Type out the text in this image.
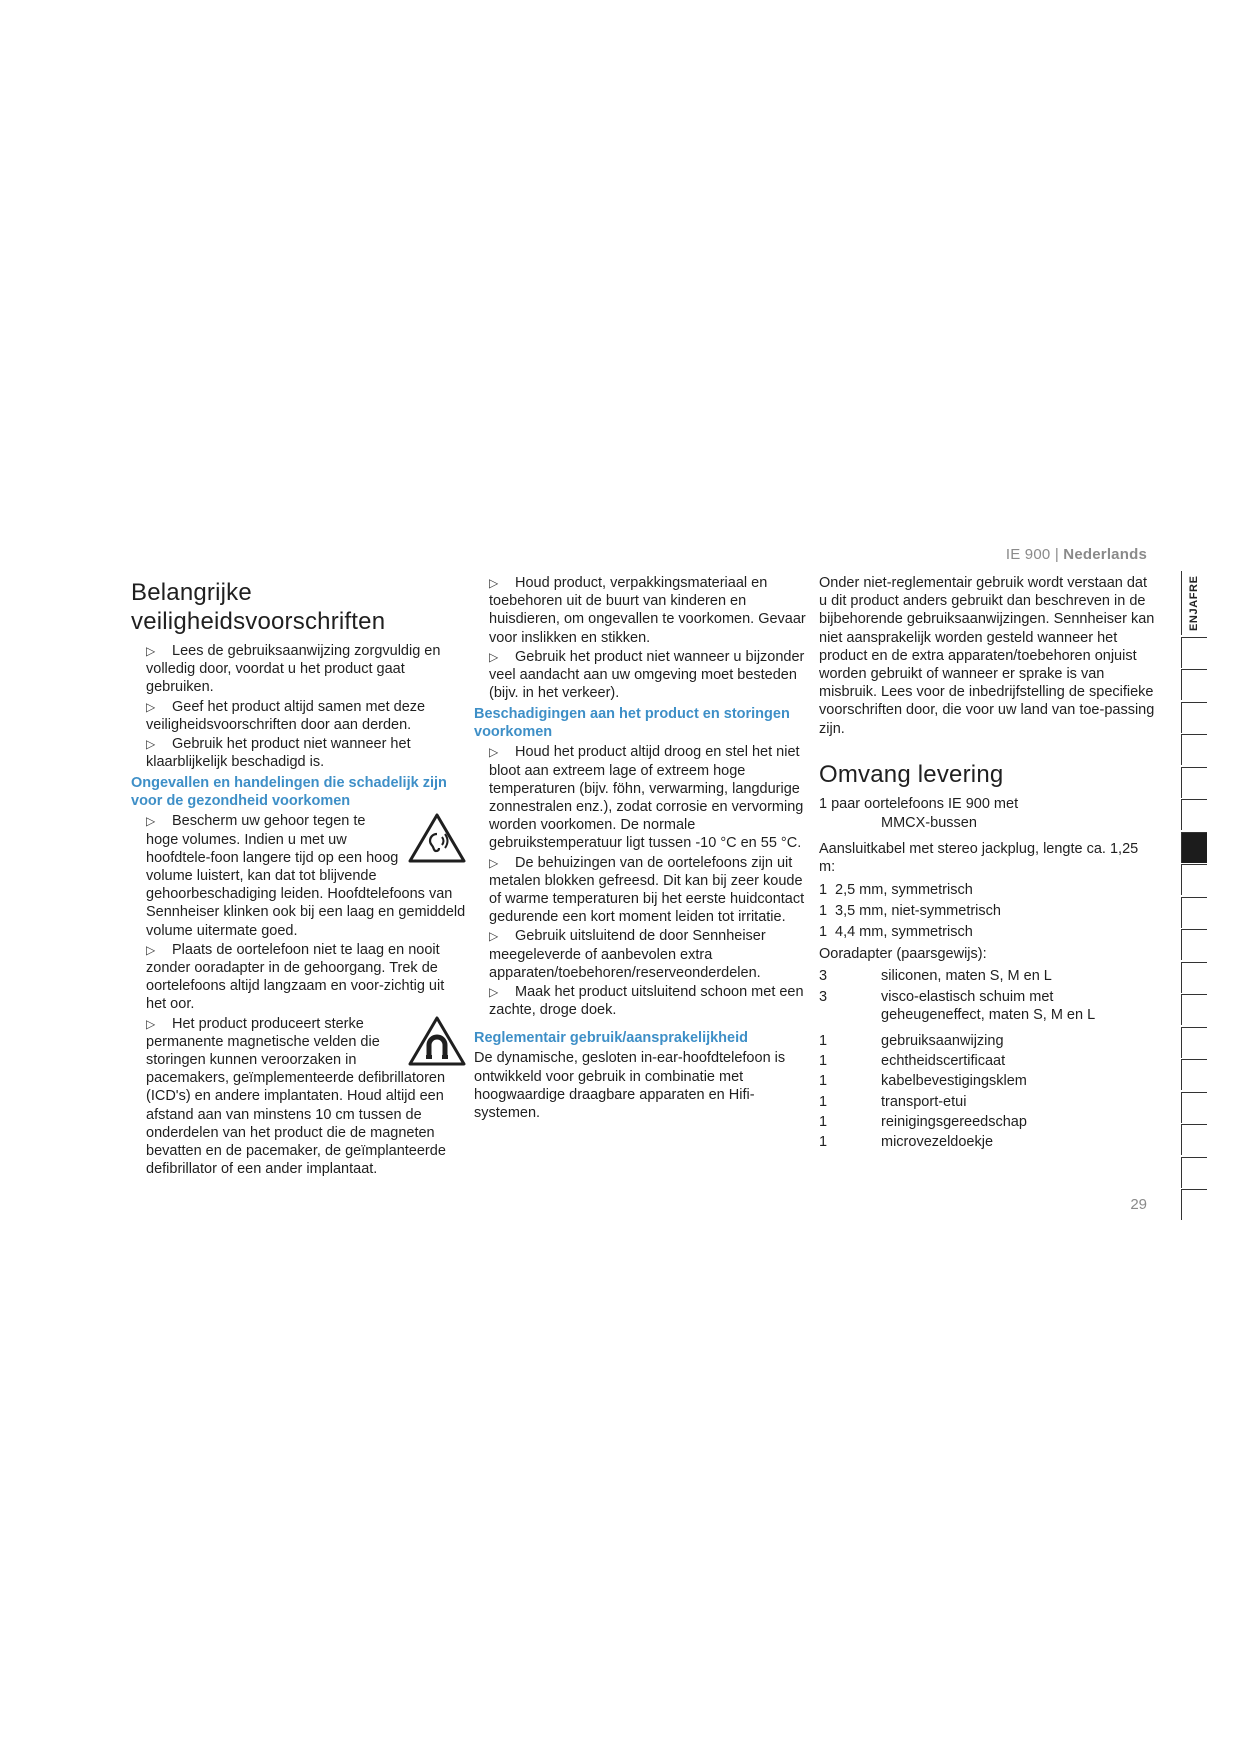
IE 900 | Nederlands
Belangrijke
veiligheidsvoorschriften

▷ Lees de gebruiksaanwijzing zorgvuldig en volledig door, voordat u het product gaat gebruiken.

▷ Geef het product altijd samen met deze veiligheidsvoorschriften door aan derden.

▷ Gebruik het product niet wanneer het klaarblijkelijk beschadigd is.

Ongevallen en handelingen die schadelijk zijn voor de gezondheid voorkomen

▷ Bescherm uw gehoor tegen te hoge volumes. Indien u met uw hoofdtele-foon langere tijd op een hoog volume luistert, kan dat tot blijvende gehoorbeschadiging leiden. Hoofdtelefoons van Sennheiser klinken ook bij een laag en gemiddeld volume uitermate goed.

▷ Plaats de oortelefoon niet te laag en nooit zonder ooradapter in de gehoorgang. Trek de oortelefoons altijd langzaam en voor-zichtig uit het oor.

▷ Het product produceert sterke permanente magnetische velden die storingen kunnen veroorzaken in pacemakers, geïmplementeerde defibrillatoren (ICD's) en andere implantaten. Houd altijd een afstand aan van minstens 10 cm tussen de onderdelen van het product die de magneten bevatten en de pacemaker, de geïmplanteerde defibrillator of een ander implantaat.

▷ Houd product, verpakkingsmateriaal en toebehoren uit de buurt van kinderen en huisdieren, om ongevallen te voorkomen. Gevaar voor inslikken en stikken.

▷ Gebruik het product niet wanneer u bijzonder veel aandacht aan uw omgeving moet besteden (bijv. in het verkeer).

Beschadigingen aan het product en storingen voorkomen

▷ Houd het product altijd droog en stel het niet bloot aan extreem lage of extreem hoge temperaturen (bijv. föhn, verwarming, langdurige zonnestralen enz.), zodat corrosie en vervorming worden voorkomen. De normale gebruikstemperatuur ligt tussen -10 °C en 55 °C.

▷ De behuizingen van de oortelefoons zijn uit metalen blokken gefreesd. Dit kan bij zeer koude of warme temperaturen bij het eerste huidcontact gedurende een kort moment leiden tot irritatie.

▷ Gebruik uitsluitend de door Sennheiser meegeleverde of aanbevolen extra apparaten/toebehoren/reserveonderdelen.

▷ Maak het product uitsluitend schoon met een zachte, droge doek.

Reglementair gebruik/aansprakelijkheid

De dynamische, gesloten in-ear-hoofdtelefoon is ontwikkeld voor gebruik in combinatie met hoogwaardige draagbare apparaten en Hifi-systemen.

Onder niet-reglementair gebruik wordt verstaan dat u dit product anders gebruikt dan beschreven in de bijbehorende gebruiksaanwijzingen. Sennheiser kan niet aansprakelijk worden gesteld wanneer het product en de extra apparaten/toebehoren onjuist worden gebruikt of wanneer er sprake is van misbruik. Lees voor de inbedrijfstelling de specifieke voorschriften door, die voor uw land van toe-passing zijn.

Omvang levering

1 paar oortelefoons IE 900 met

MMCX-bussen

Aansluitkabel met stereo jackplug, lengte ca. 1,25 m:

1 2,5 mm, symmetrisch
1 3,5 mm, niet-symmetrisch
1 4,4 mm, symmetrisch

Ooradapter (paarsgewijs):

3	siliconen, maten S, M en L
3	visco-elastisch schuim met geheugeneffect, maten S, M en L
1	gebruiksaanwijzing
1	echtheidscertificaat
1	kabelbevestigingsklem
1	transport-etui
1	reinigingsgereedschap
1	microvezeldoekje
ENJAFRE
29
